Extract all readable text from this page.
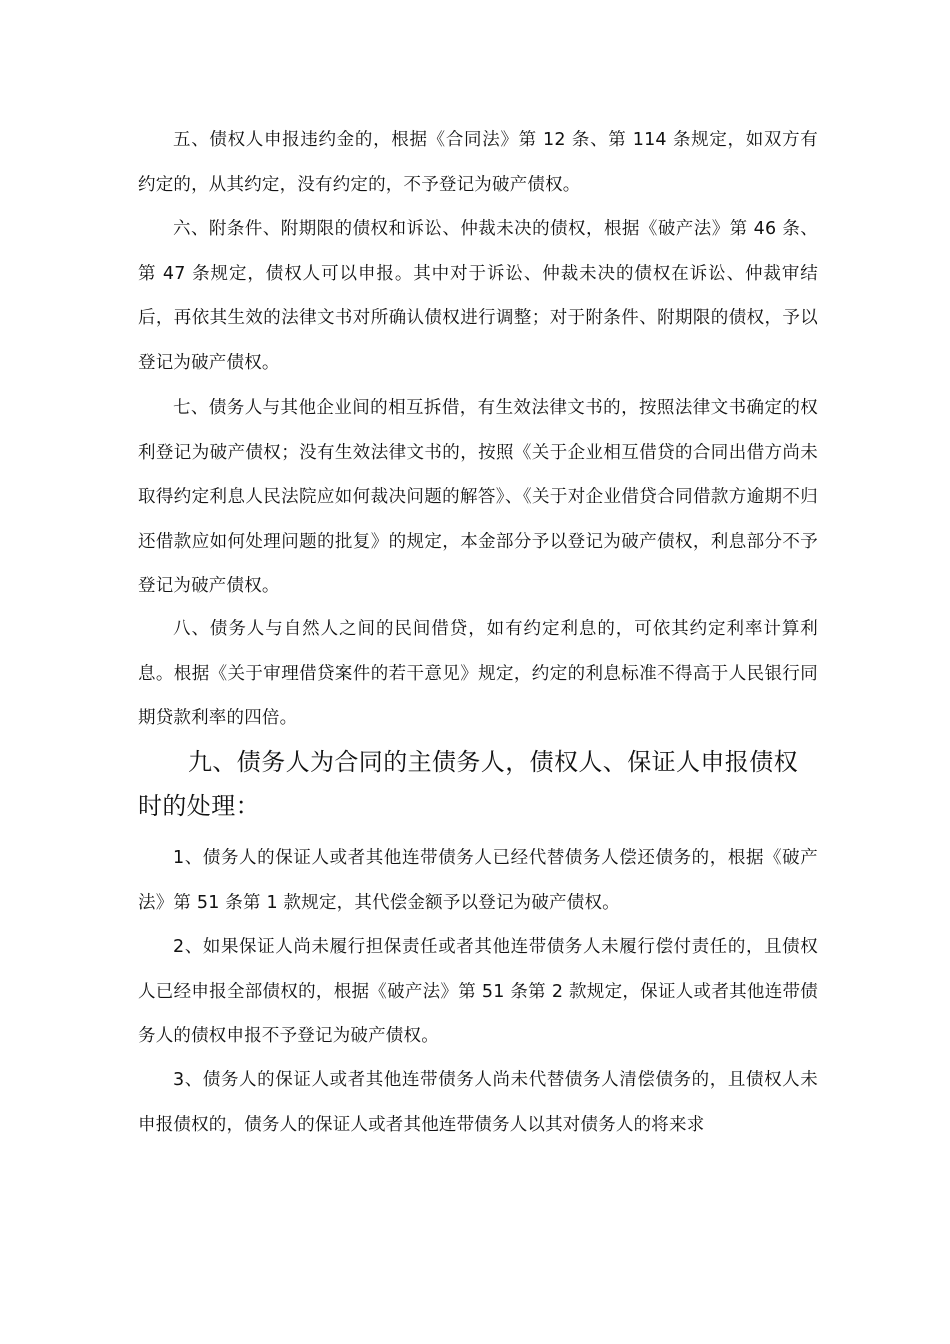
五、债权人申报违约金的，根据《合同法》第 12 条、第 114 条规定，如双方有约定的，从其约定，没有约定的，不予登记为破产债权。

六、附条件、附期限的债权和诉讼、仲裁未决的债权，根据《破产法》第 46 条、第 47 条规定，债权人可以申报。其中对于诉讼、仲裁未决的债权在诉讼、仲裁审结后，再依其生效的法律文书对所确认债权进行调整；对于附条件、附期限的债权，予以登记为破产债权。

七、债务人与其他企业间的相互拆借，有生效法律文书的，按照法律文书确定的权利登记为破产债权；没有生效法律文书的，按照《关于企业相互借贷的合同出借方尚未取得约定利息人民法院应如何裁决问题的解答》、《关于对企业借贷合同借款方逾期不归还借款应如何处理问题的批复》的规定，本金部分予以登记为破产债权，利息部分不予登记为破产债权。

八、债务人与自然人之间的民间借贷，如有约定利息的，可依其约定利率计算利息。根据《关于审理借贷案件的若干意见》规定，约定的利息标准不得高于人民银行同期贷款利率的四倍。

九、债务人为合同的主债务人，债权人、保证人申报债权时的处理：

1、债务人的保证人或者其他连带债务人已经代替债务人偿还债务的，根据《破产法》第 51 条第 1 款规定，其代偿金额予以登记为破产债权。

2、如果保证人尚未履行担保责任或者其他连带债务人未履行偿付责任的，且债权人已经申报全部债权的，根据《破产法》第 51 条第 2 款规定，保证人或者其他连带债务人的债权申报不予登记为破产债权。

3、债务人的保证人或者其他连带债务人尚未代替债务人清偿债务的，且债权人未申报债权的，债务人的保证人或者其他连带债务人以其对债务人的将来求
